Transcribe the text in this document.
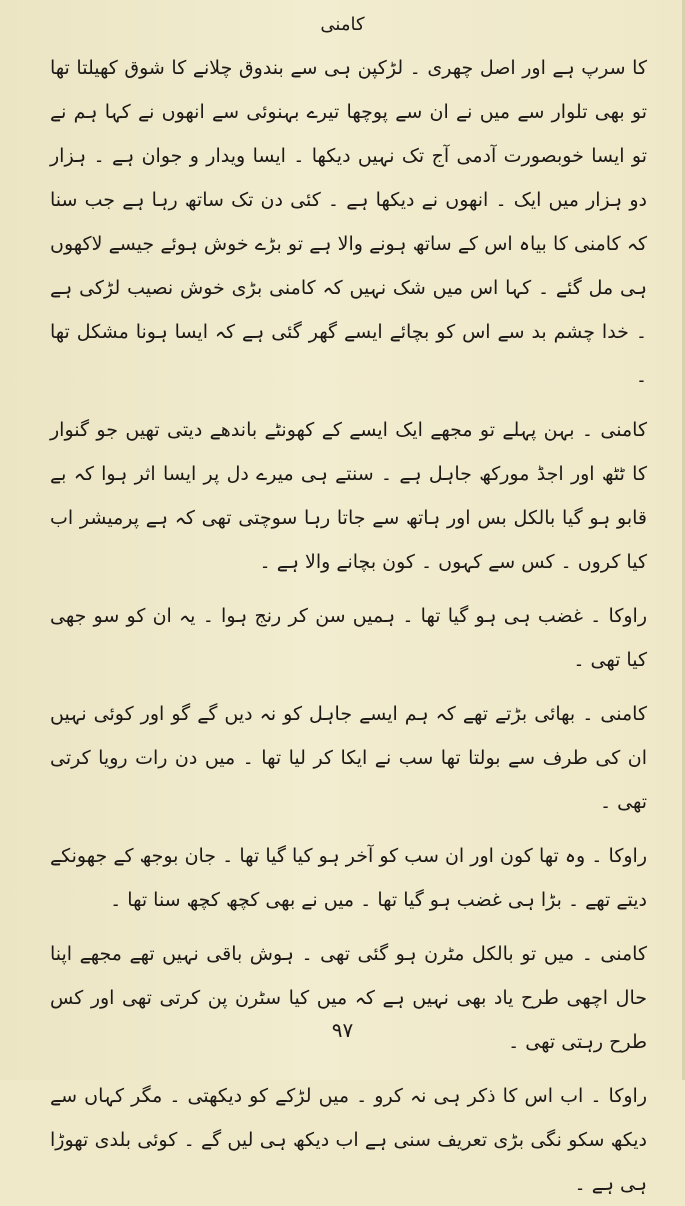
کامنی

کا سرپ ہے اور اصل چھری ۔ لڑکپن ہی سے بندوق چلانے کا شوق کھیلتا تھا تو بھی تلوار سے میں نے ان سے پوچھا تیرے بہنوئی سے انھوں نے کہا ہم نے تو ایسا خوبصورت آدمی آج تک نہیں دیکھا ۔ ایسا ویدار و جوان ہے ۔ ہزار دو ہزار میں ایک ۔ انھوں نے دیکھا ہے ۔ کئی دن تک ساتھ رہا ہے جب سنا کہ کامنی کا بیاہ اس کے ساتھ ہونے والا ہے تو بڑے خوش ہوئے جیسے لاکھوں ہی مل گئے ۔ کہا اس میں شک نہیں کہ کامنی بڑی خوش نصیب لڑکی ہے ۔ خدا چشم بد سے اس کو بچائے ایسے گھر گئی ہے کہ ایسا ہونا مشکل تھا ۔

کامنی ۔ بہن پہلے تو مجھے ایک ایسے کے کھونٹے باندھے دیتی تھیں جو گنوار کا ٹٹھ اور اجڈ مورکھ جاہل ہے ۔ سنتے ہی میرے دل پر ایسا اثر ہوا کہ بے قابو ہو گیا بالکل بس اور ہاتھ سے جاتا رہا سوچتی تھی کہ ہے پرمیشر اب کیا کروں ۔ کس سے کہوں ۔ کون بچانے والا ہے ۔

راوکا ۔ غضب ہی ہو گیا تھا ۔ ہمیں سن کر رنج ہوا ۔ یہ ان کو سو جھی کیا تھی ۔

کامنی ۔ بھائی بڑتے تھے کہ ہم ایسے جاہل کو نہ دیں گے گو اور کوئی نہیں ان کی طرف سے بولتا تھا سب نے ایکا کر لیا تھا ۔ میں دن رات رویا کرتی تھی ۔

راوکا ۔ وہ تھا کون اور ان سب کو آخر ہو کیا گیا تھا ۔ جان بوجھ کے جھونکے دیتے تھے ۔ بڑا ہی غضب ہو گیا تھا ۔ میں نے بھی کچھ کچھ سنا تھا ۔

کامنی ۔ میں تو بالکل مٹرن ہو گئی تھی ۔ ہوش باقی نہیں تھے مجھے اپنا حال اچھی طرح یاد بھی نہیں ہے کہ میں کیا سٹرن پن کرتی تھی اور کس طرح رہتی تھی ۔

راوکا ۔ اب اس کا ذکر ہی نہ کرو ۔ میں لڑکے کو دیکھتی ۔ مگر کہاں سے دیکھ سکو نگی بڑی تعریف سنی ہے اب دیکھ ہی لیں گے ۔ کوئی بلدی تھوڑا ہی ہے ۔

۹۷
